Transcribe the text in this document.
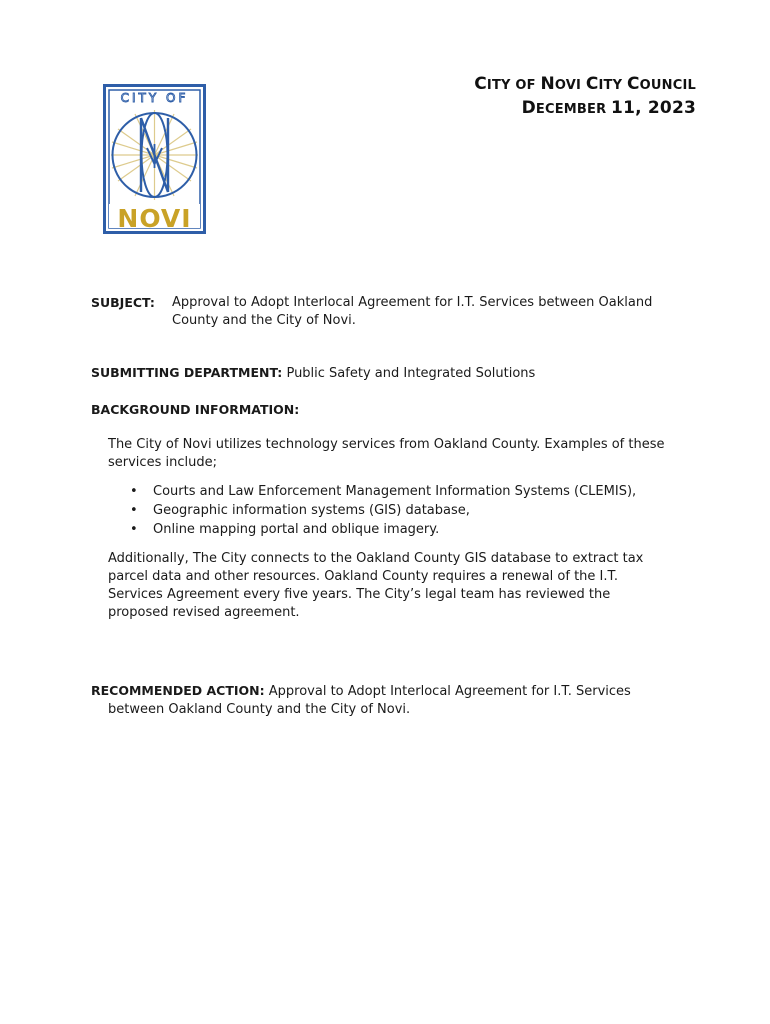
CITY OF
NOVI
CITY OF NOVI CITY COUNCIL
DECEMBER 11, 2023
SUBJECT: Approval to Adopt Interlocal Agreement for I.T. Services between Oakland
County and the City of Novi.
SUBMITTING DEPARTMENT: Public Safety and Integrated Solutions
BACKGROUND INFORMATION:
The City of Novi utilizes technology services from Oakland County. Examples of these
services include;
• Courts and Law Enforcement Management Information Systems (CLEMIS),
• Geographic information systems (GIS) database,
• Online mapping portal and oblique imagery.
Additionally, The City connects to the Oakland County GIS database to extract tax
parcel data and other resources. Oakland County requires a renewal of the I.T.
Services Agreement every five years. The City’s legal team has reviewed the
proposed revised agreement.
RECOMMENDED ACTION: Approval to Adopt Interlocal Agreement for I.T. Services
between Oakland County and the City of Novi.
